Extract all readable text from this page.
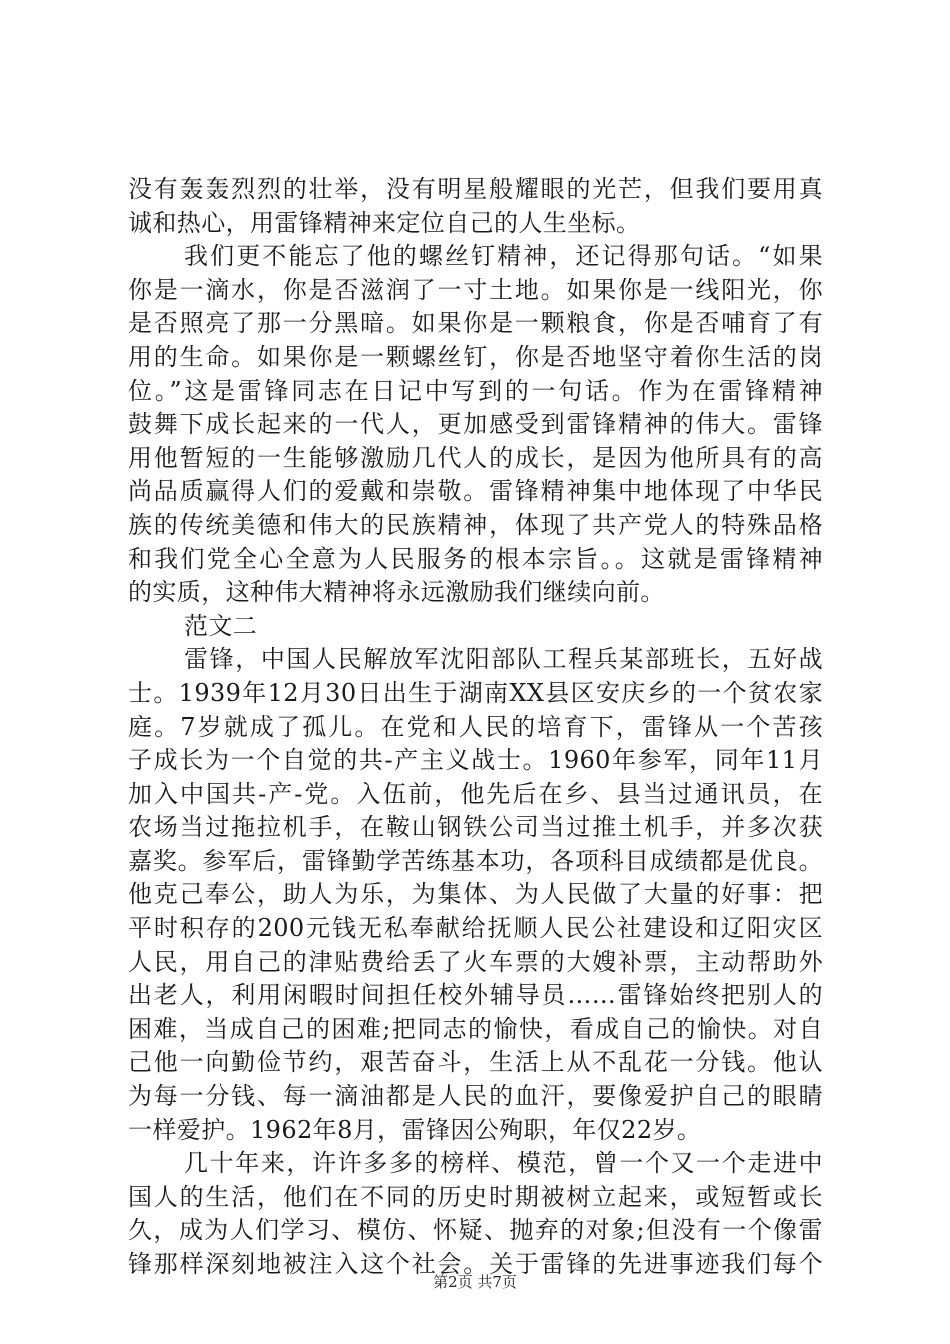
没有轰轰烈烈的壮举，没有明星般耀眼的光芒，但我们要用真
诚和热心，用雷锋精神来定位自己的人生坐标。
我们更不能忘了他的螺丝钉精神，还记得那句话。“如果
你是一滴水，你是否滋润了一寸土地。如果你是一线阳光，你
是否照亮了那一分黑暗。如果你是一颗粮食，你是否哺育了有
用的生命。如果你是一颗螺丝钉，你是否地坚守着你生活的岗
位。”这是雷锋同志在日记中写到的一句话。作为在雷锋精神
鼓舞下成长起来的一代人，更加感受到雷锋精神的伟大。雷锋
用他暂短的一生能够激励几代人的成长，是因为他所具有的高
尚品质赢得人们的爱戴和崇敬。雷锋精神集中地体现了中华民
族的传统美德和伟大的民族精神，体现了共产党人的特殊品格
和我们党全心全意为人民服务的根本宗旨。。这就是雷锋精神
的实质，这种伟大精神将永远激励我们继续向前。
范文二
雷锋，中国人民解放军沈阳部队工程兵某部班长，五好战
士。1939年12月30日出生于湖南XX县区安庆乡的一个贫农家
庭。7岁就成了孤儿。在党和人民的培育下，雷锋从一个苦孩
子成长为一个自觉的共-产主义战士。1960年参军，同年11月
加入中国共-产-党。入伍前，他先后在乡、县当过通讯员，在
农场当过拖拉机手，在鞍山钢铁公司当过推土机手，并多次获
嘉奖。参军后，雷锋勤学苦练基本功，各项科目成绩都是优良。
他克己奉公，助人为乐，为集体、为人民做了大量的好事：把
平时积存的200元钱无私奉献给抚顺人民公社建设和辽阳灾区
人民，用自己的津贴费给丢了火车票的大嫂补票，主动帮助外
出老人，利用闲暇时间担任校外辅导员……雷锋始终把别人的
困难，当成自己的困难;把同志的愉快，看成自己的愉快。对自
己他一向勤俭节约，艰苦奋斗，生活上从不乱花一分钱。他认
为每一分钱、每一滴油都是人民的血汗，要像爱护自己的眼睛
一样爱护。1962年8月，雷锋因公殉职，年仅22岁。
几十年来，许许多多的榜样、模范，曾一个又一个走进中
国人的生活，他们在不同的历史时期被树立起来，或短暂或长
久，成为人们学习、模仿、怀疑、抛弃的对象;但没有一个像雷
锋那样深刻地被注入这个社会。关于雷锋的先进事迹我们每个
第2页 共7页
